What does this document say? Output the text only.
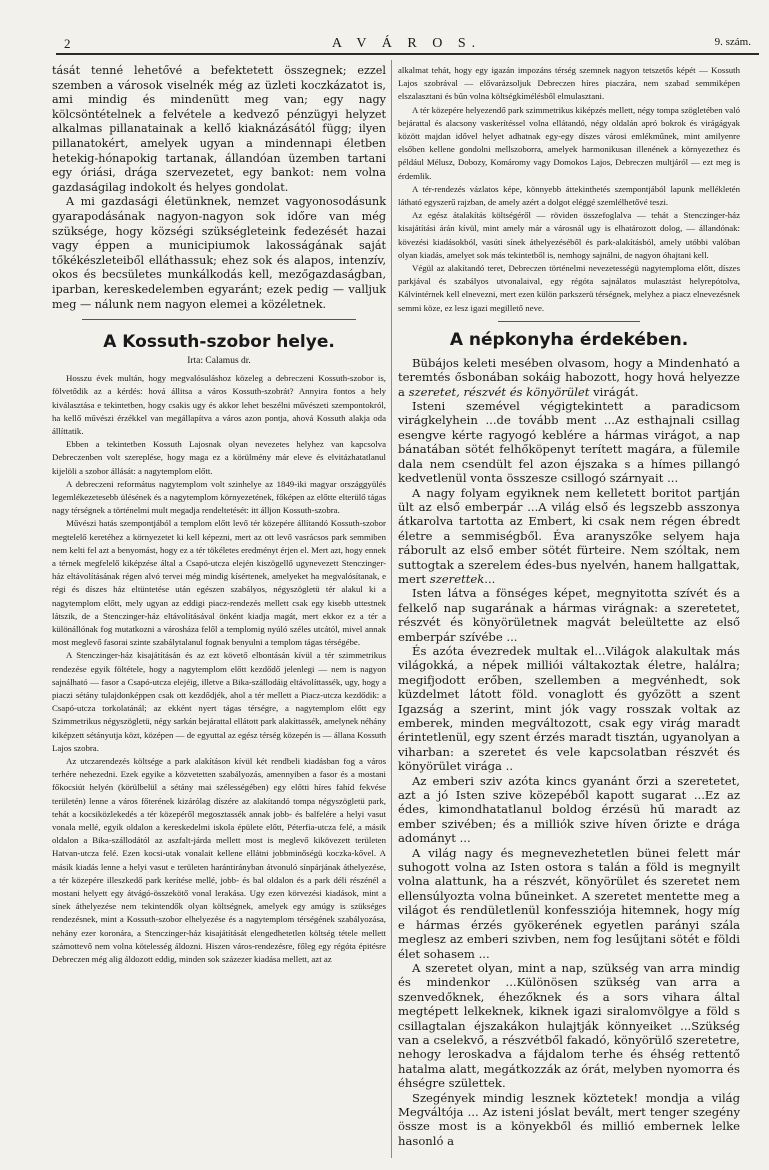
2	A V Á R O S.	9. szám.

tását tenné lehetővé a befektetett összegnek; ezzel szemben a városok viselnék még az üzleti koczkázatot is, ami mindig és mindenütt meg van; egy nagy kölcsöntételnek a felvétele a kedvező pénzügyi helyzet alkalmas pillanatainak a kellő kiaknázásától függ; ilyen pillanatokért, amelyek ugyan a mindennapi életben hetekig-hónapokig tartanak, állandóan üzemben tartani egy óriási, drága szervezetet, egy bankot: nem volna gazdaságilag indokolt és helyes gondolat.

A mi gazdasági életünknek, nemzet vagyonosodásunk gyarapodásának nagyon-nagyon sok időre van még szüksége, hogy községi szükségleteink fedezését hazai vagy éppen a municipiumok lakosságának saját tőkékészleteiből elláthassuk; ehez sok és alapos, intenzív, okos és becsületes munkálkodás kell, mezőgazdaságban, iparban, kereskedelemben egyaránt; ezek pedig — valljuk meg — nálunk nem nagyon elemei a közéletnek.

A Kossuth-szobor helye.
Irta: Calamus dr.

Hosszu évek multán, hogy megvalósuláshoz közeleg a debreczeni Kossuth-szobor is, fölvetődik az a kérdés: hová állitsa a város Kossuth-szobrát? Annyira fontos a hely kiválasztása e tekintetben, hogy csakis ugy és akkor lehet beszélni művészeti szempontokról, ha kellő művészi érzékkel van megállapítva a város azon pontja, ahová Kossuth alakja oda állíttatik.

Ebben a tekintetben Kossuth Lajosnak olyan nevezetes helyhez van kapcsolva Debreczenben volt szereplése, hogy maga ez a körülmény már eleve és elvitázhatatlanul kijelöli a szobor állását: a nagytemplom előtt.

A debreczeni református nagytemplom volt szinhelye az 1849-iki magyar országgyülés legemlékezetesebb ülésének és a nagytemplom környezetének, főképen az előtte elterülő tágas nagy térségnek a történelmi mult megadja rendeltetését: itt álljon Kossuth-szobra.

Művészi hatás szempontjából a templom előtt levő tér közepére állítandó Kossuth-szobor megtelelő keretéhez a környezetet ki kell képezni, mert az ott levő vasrácsos park semmiben nem kelti fel azt a benyomást, hogy ez a tér tökéletes eredményt érjen el. Mert azt, hogy ennek a térnek megfelelő kiképzése által a Csapó-utcza elején kiszögellő ugynevezett Stenczinger-ház eltávolításának régen alvó tervei még mindig kísértenek, amelyeket ha megvalósítanak, e régi és díszes ház eltüntetése után egészen szabályos, négyszögletü tér alakul ki a nagytemplom előtt, mely ugyan az eddigi piacz-rendezés mellett csak egy kisebb uttestnek látszik, de a Stenczinger-ház eltávolításával önként kiadja magát, mert ekkor ez a tér a különállónak fog mutatkozni a városháza felől a templomig nyúló széles utcától, mivel annak most meglevő fasorai szinte szabálytalanul fognak benyulni a templom tágas térségébe.

A Stenczinger-ház kisajátításán és az ezt követő elbontásán kívül a tér szimmetrikus rendezése egyik föltétele, hogy a nagytemplom előtt kezdődő jelenlegi — nem is nagyon sajnálható — fasor a Csapó-utcza elejéig, illetve a Bika-szállodáig eltávolíttassék, ugy, hogy a piaczi sétány tulajdonképpen csak ott kezdődjék, ahol a tér mellett a Piacz-utcza kezdődik: a Csapó-utcza torkolatánál; az ekként nyert tágas térségre, a nagytemplom előtt egy Szimmetrikus négyszögletü, négy sarkán bejárattal ellátott park alakíttassék, amelynek néhány kiképzett sétányutja közt, középen — de egyuttal az egész térség közepén is — állana Kossuth Lajos szobra.

Az utczarendezés költsége a park alakításon kívül két rendbeli kiadásban fog a város terhére nehezedni. Ezek egyike a közvetetten szabályozás, amennyiben a fasor és a mostani főkocsiút helyén (körülbelül a sétány mai szélességében) egy előtti híres fahíd fekvése területén) lenne a város főterének kizárólag díszére az alakítandó tompa négyszögletü park, tehát a kocsiközlekedés a tér közepéről megosztassék annak jobb- és balfelére a helyi vasut vonala mellé, egyik oldalon a kereskedelmi iskola épülete előtt, Péterfia-utcza felé, a másik oldalon a Bika-szállodától az aszfalt-járda mellett most is meglevő kikövezett területen Hatvan-utcza felé. Ezen kocsi-utak vonalait kellene ellátni jobbminőségü koczka-kővel. A másik kiadás lenne a helyi vasut e területen harántirányban átvonuló sínpárjának áthelyezése, a tér közepére illeszkedő park kerítése mellé, jobb- és bal oldalon és a park déli részénél a mostani helyett egy átvágó-összekötő vonal lerakása. Ugy ezen körvezési kiadások, mint a sínek áthelyezése nem tekintendők olyan költségnek, amelyek egy amúgy is szükséges rendezésnek, mint a Kossuth-szobor elhelyezése és a nagytemplom térségének szabályozása, nehány ezer koronára, a Stenczinger-ház kisajátítását elengedhetetlen költség tétele mellett számottevő nem volna kötelesség áldozni. Hiszen város-rendezésre, főleg egy régóta épitésre Debreczen még alig áldozott eddig, minden sok százezer kiadása mellett, azt az

alkalmat tehát, hogy egy igazán impozáns térség szemnek nagyon tetszetős képét — Kossuth Lajos szobrával — elővarázsoljuk Debreczen híres piaczára, nem szabad semmiképen elszalasztani és bűn volna költségkímélésből elmulasztani.

A tér közepére helyezendő park szimmetrikus kiképzés mellett, négy tompa szögletében való bejárattal és alacsony vaskerítéssel volna ellátandó, négy oldalán apró bokrok és virágágyak között majdan idővel helyet adhatnak egy-egy díszes városi emlékműnek, mint amilyenre elsőben kellene gondolni mellszoborra, amelyek harmonikusan illenének a környezethez és például Mélusz, Dobozy, Komáromy vagy Domokos Lajos, Debreczen multjáról — ezt meg is érdemlik.

A tér-rendezés vázlatos képe, könnyebb áttekinthetés szempontjából lapunk mellékletén látható egyszerű rajzban, de amely azért a dolgot eléggé szemlélhetővé teszi.

Az egész átalakítás költségéről — röviden összefoglalva — tehát a Stenczinger-ház kisajátítási árán kívül, mint amely már a városnál ugy is elhatározott dolog, — állandónak: kövezési kiadásokból, vasúti sínek áthelyezéséből és park-alakításból, amely utóbbi valóban olyan kiadás, amelyet sok más tekintetből is, nemhogy sajnálni, de nagyon óhajtani kell.

Végül az alakítandó teret, Debreczen történelmi nevezetességü nagytemploma előtt, díszes parkjával és szabályos utvonalaival, egy régóta sajnálatos mulasztást helyrepótolva, Kálvintérnek kell elnevezni, mert ezen külön parkszerü térségnek, melyhez a piacz elnevezésnek semmi köze, ez lesz igazi megillető neve.

A népkonyha érdekében.

Bübájos keleti mesében olvasom, hogy a Mindenható a teremtés ősbonában sokáig habozott, hogy hová helyezze a szeretet, részvét és könyörület virágát.

Isteni szemével végigtekintett a paradicsom virágkelyhein ...de tovább ment ...Az esthajnali csillag esengve kérte ragyogó keblére a hármas virágot, a nap bánatában sötét felhőköpenyt terített magára, a fülemile dala nem csendült fel azon éjszaka s a hímes pillangó kedvetlenül vonta összesze csillogó szárnyait ...

A nagy folyam egyiknek nem kelletett boritot partján ült az első emberpár ...A világ első és legszebb asszonya átkarolva tartotta az Embert, ki csak nem régen ébredt életre a semmiségből. Éva aranyszőke selyem haja ráborult az első ember sötét fürteire. Nem szóltak, nem suttogtak a szerelem édes-bus nyelvén, hanem hallgattak, mert szerettek...

Isten látva a fönséges képet, megnyitotta szívét és a felkelő nap sugarának a hármas virágnak: a szeretetet, részvét és könyörületnek magvát beleültette az első emberpár szívébe ...

És azóta évezredek multak el...Világok alakultak más világokká, a népek milliói váltakoztak életre, halálra; megifjodott erőben, szellemben a megvénhedt, sok küzdelmet látott föld. vonaglott és győzött a szent Igazság a szerint, mint jók vagy rosszak voltak az emberek, minden megváltozott, csak egy virág maradt érintetlenül, egy szent érzés maradt tisztán, ugyanolyan a viharban: a szeretet és vele kapcsolatban részvét és könyörület virága ..

Az emberi sziv azóta kincs gyanánt őrzi a szeretetet, azt a jó Isten szive közepéből kapott sugarat ...Ez az édes, kimondhatatlanul boldog érzésü hű maradt az ember szivében; és a milliók szive híven őrizte e drága adományt ...

A világ nagy és megnevezhetetlen bünei felett már suhogott volna az Isten ostora s talán a föld is megnyilt volna alattunk, ha a részvét, könyörület és szeretet nem ellensúlyozta volna bűneinket. A szeretet mentette meg a világot és rendületlenül konfessziója hitemnek, hogy míg e hármas érzés gyökerének egyetlen parányi szála meglesz az emberi szivben, nem fog lesűjtani sötét e földi élet sohasem ...

A szeretet olyan, mint a nap, szükség van arra mindig és mindenkor ...Különösen szükség van arra a szenvedőknek, éhezőknek és a sors vihara által megtépett lelkeknek, kiknek igazi siralomvölgye a föld s csillagtalan éjszakákon hulajtják könnyeiket ...Szükség van a cselekvő, a részvétből fakadó, könyörülő szeretetre, nehogy leroskadva a fájdalom terhe és éhség rettentő hatalma alatt, megátkozzák az órát, melyben nyomorra és éhségre születtek.

Szegények mindig lesznek köztetek! mondja a világ Megváltója ... Az isteni jóslat bevált, mert tenger szegény össze most is a könyekből és millió embernek lelke hasonló a
